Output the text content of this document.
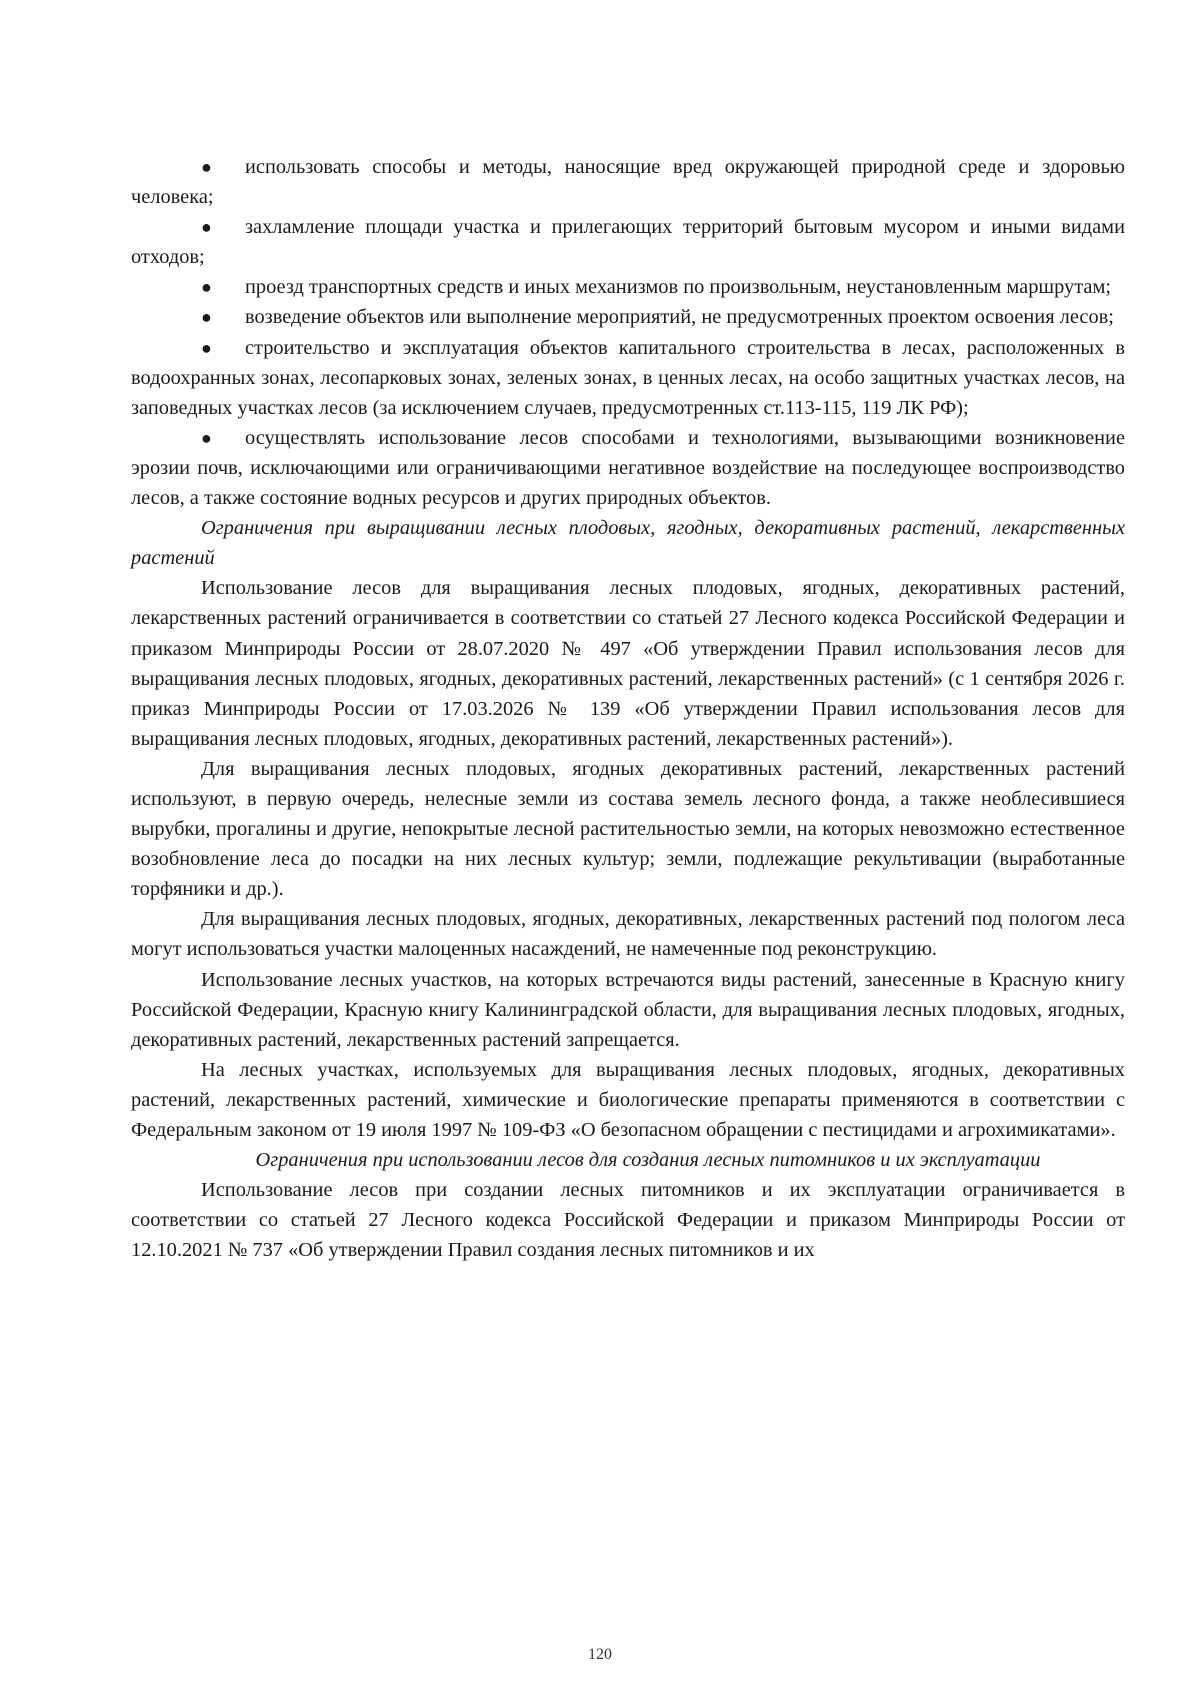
● использовать способы и методы, наносящие вред окружающей природной среде и здоровью человека;

● захламление площади участка и прилегающих территорий бытовым мусором и иными видами отходов;

● проезд транспортных средств и иных механизмов по произвольным, неустановленным маршрутам;

● возведение объектов или выполнение мероприятий, не предусмотренных проектом освоения лесов;

● строительство и эксплуатация объектов капитального строительства в лесах, расположенных в водоохранных зонах, лесопарковых зонах, зеленых зонах, в ценных лесах, на особо защитных участках лесов, на заповедных участках лесов (за исключением случаев, предусмотренных ст.113-115, 119 ЛК РФ);

● осуществлять использование лесов способами и технологиями, вызывающими возникновение эрозии почв, исключающими или ограничивающими негативное воздействие на последующее воспроизводство лесов, а также состояние водных ресурсов и других природных объектов.

Ограничения при выращивании лесных плодовых, ягодных, декоративных растений, лекарственных растений

Использование лесов для выращивания лесных плодовых, ягодных, декоративных растений, лекарственных растений ограничивается в соответствии со статьей 27 Лесного кодекса Российской Федерации и приказом Минприроды России от 28.07.2020 № 497 «Об утверждении Правил использования лесов для выращивания лесных плодовых, ягодных, декоративных растений, лекарственных растений» (с 1 сентября 2026 г. приказ Минприроды России от 17.03.2026 № 139 «Об утверждении Правил использования лесов для выращивания лесных плодовых, ягодных, декоративных растений, лекарственных растений»).

Для выращивания лесных плодовых, ягодных декоративных растений, лекарственных растений используют, в первую очередь, нелесные земли из состава земель лесного фонда, а также необлесившиеся вырубки, прогалины и другие, непокрытые лесной растительностью земли, на которых невозможно естественное возобновление леса до посадки на них лесных культур; земли, подлежащие рекультивации (выработанные торфяники и др.).

Для выращивания лесных плодовых, ягодных, декоративных, лекарственных растений под пологом леса могут использоваться участки малоценных насаждений, не намеченные под реконструкцию.

Использование лесных участков, на которых встречаются виды растений, занесенные в Красную книгу Российской Федерации, Красную книгу Калининградской области, для выращивания лесных плодовых, ягодных, декоративных растений, лекарственных растений запрещается.

На лесных участках, используемых для выращивания лесных плодовых, ягодных, декоративных растений, лекарственных растений, химические и биологические препараты применяются в соответствии с Федеральным законом от 19 июля 1997 № 109-ФЗ «О безопасном обращении с пестицидами и агрохимикатами».

Ограничения при использовании лесов для создания лесных питомников и их эксплуатации

Использование лесов при создании лесных питомников и их эксплуатации ограничивается в соответствии со статьей 27 Лесного кодекса Российской Федерации и приказом Минприроды России от 12.10.2021 № 737 «Об утверждении Правил создания лесных питомников и их

120
